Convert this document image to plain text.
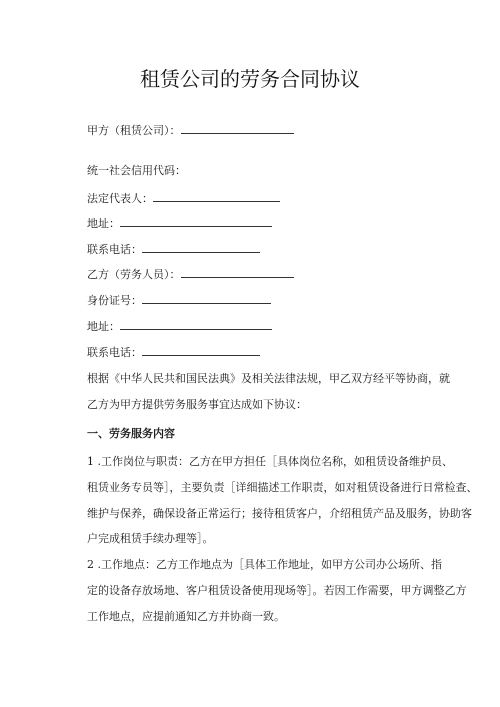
租赁公司的劳务合同协议
甲方（租赁公司）：
统一社会信用代码：
法定代表人：
地址：
联系电话：
乙方（劳务人员）：
身份证号：
地址：
联系电话：
根据《中华人民共和国民法典》及相关法律法规，甲乙双方经平等协商，就
乙方为甲方提供劳务服务事宜达成如下协议：
一、劳务服务内容
1 .工作岗位与职责：乙方在甲方担任［具体岗位名称，如租赁设备维护员、
租赁业务专员等］，主要负责［详细描述工作职责，如对租赁设备进行日常检查、
维护与保养，确保设备正常运行；接待租赁客户，介绍租赁产品及服务，协助客
户完成租赁手续办理等］。
2 .工作地点：乙方工作地点为［具体工作地址，如甲方公司办公场所、指
定的设备存放场地、客户租赁设备使用现场等］。若因工作需要，甲方调整乙方
工作地点，应提前通知乙方并协商一致。
